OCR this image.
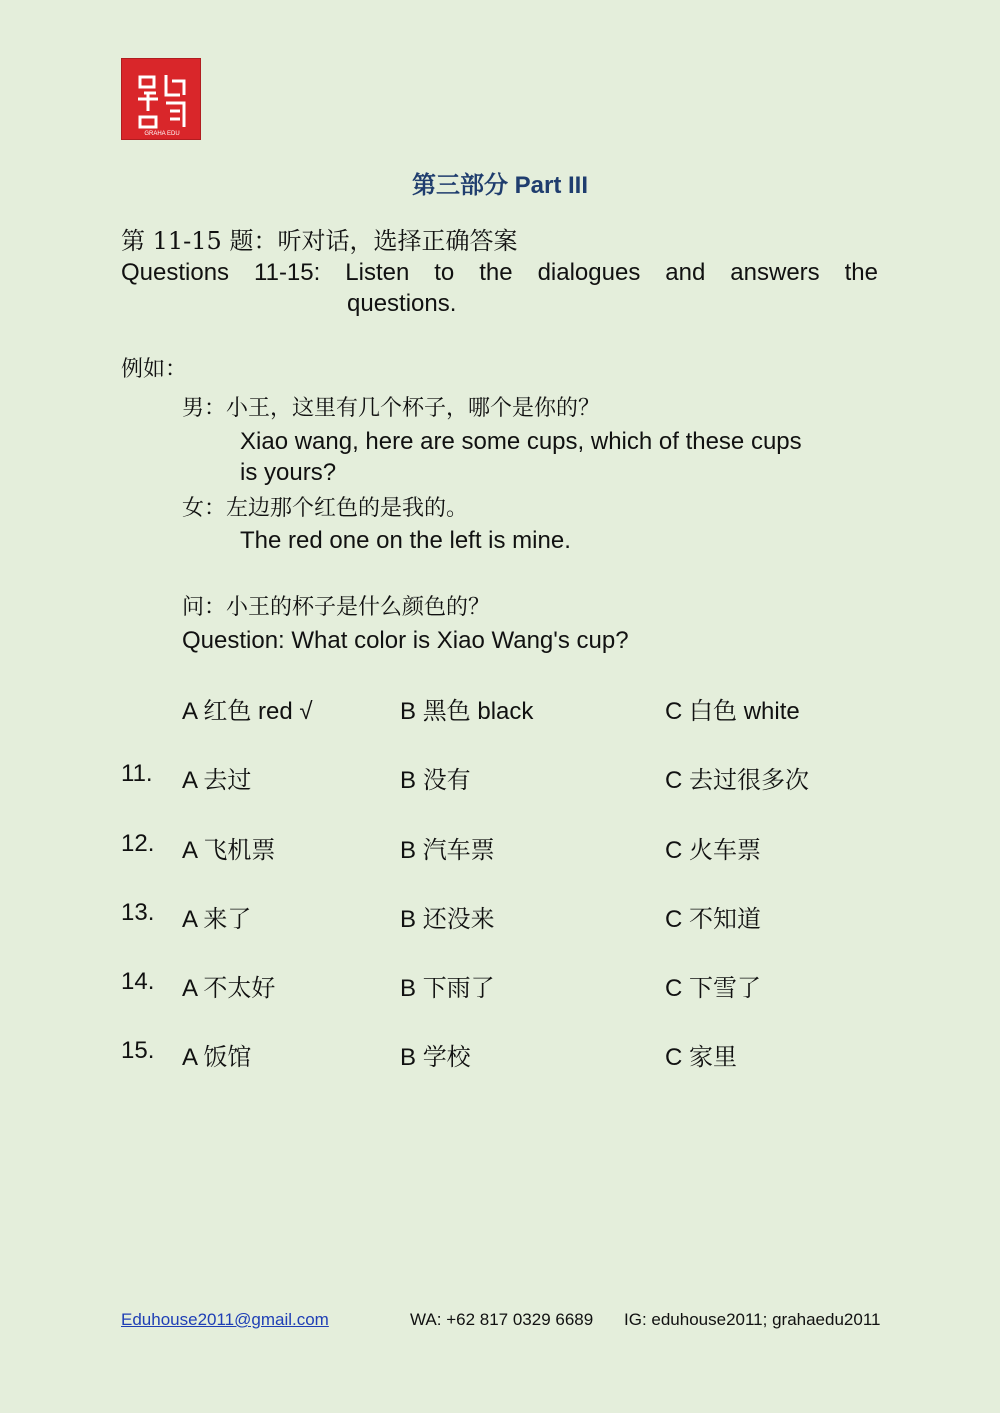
GRAHA EDU
第三部分 Part III
第 11-15 题：听对话，选择正确答案
Questions 11-15: Listen to the dialogues and answers the
questions.
例如：
男：小王，这里有几个杯子，哪个是你的？
Xiao wang, here are some cups, which of these cups
is yours?
女：左边那个红色的是我的。
The red one on the left is mine.
问：小王的杯子是什么颜色的？
Question: What color is Xiao Wang's cup?
A 红色 red √	B 黑色 black	C 白色 white
11. A 去过	B 没有	C 去过很多次
12. A 飞机票	B 汽车票	C 火车票
13. A 来了	B 还没来	C 不知道
14. A 不太好	B 下雨了	C 下雪了
15. A 饭馆	B 学校	C 家里
Eduhouse2011@gmail.com	WA: +62 817 0329 6689 IG: eduhouse2011; grahaedu2011
